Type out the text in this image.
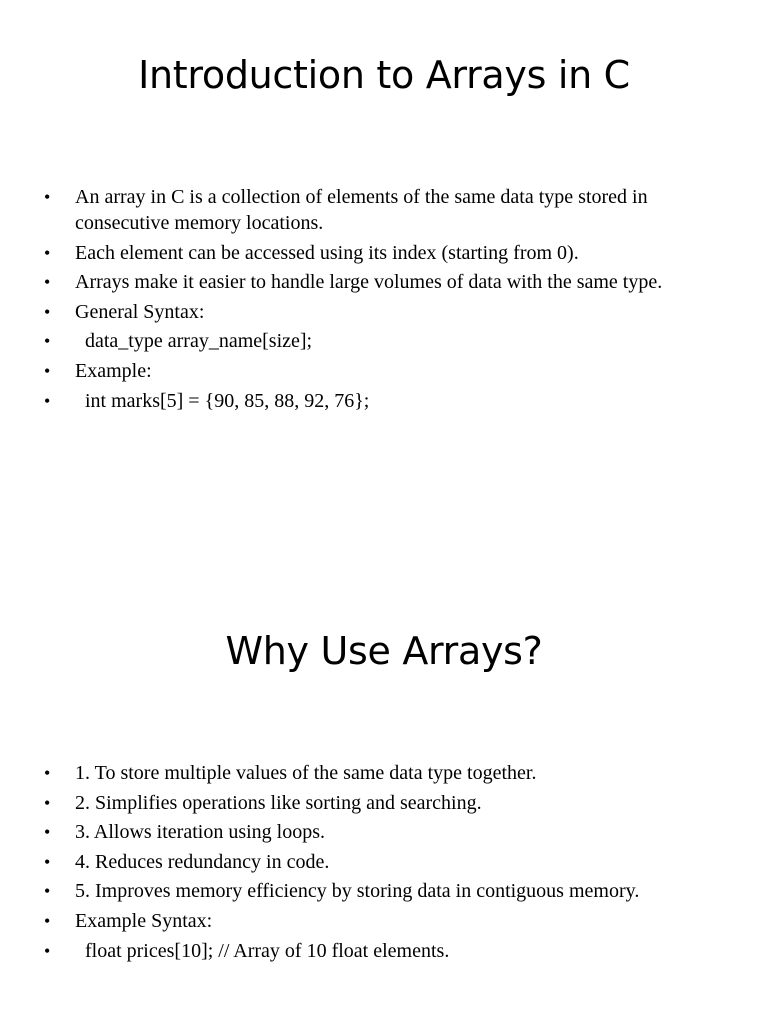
Introduction to Arrays in C
• An array in C is a collection of elements of the same data type stored in consecutive memory locations.
• Each element can be accessed using its index (starting from 0).
• Arrays make it easier to handle large volumes of data with the same type.
• General Syntax:
• data_type array_name[size];
• Example:
• int marks[5] = {90, 85, 88, 92, 76};
Why Use Arrays?
• 1. To store multiple values of the same data type together.
• 2. Simplifies operations like sorting and searching.
• 3. Allows iteration using loops.
• 4. Reduces redundancy in code.
• 5. Improves memory efficiency by storing data in contiguous memory.
• Example Syntax:
• float prices[10]; // Array of 10 float elements.
